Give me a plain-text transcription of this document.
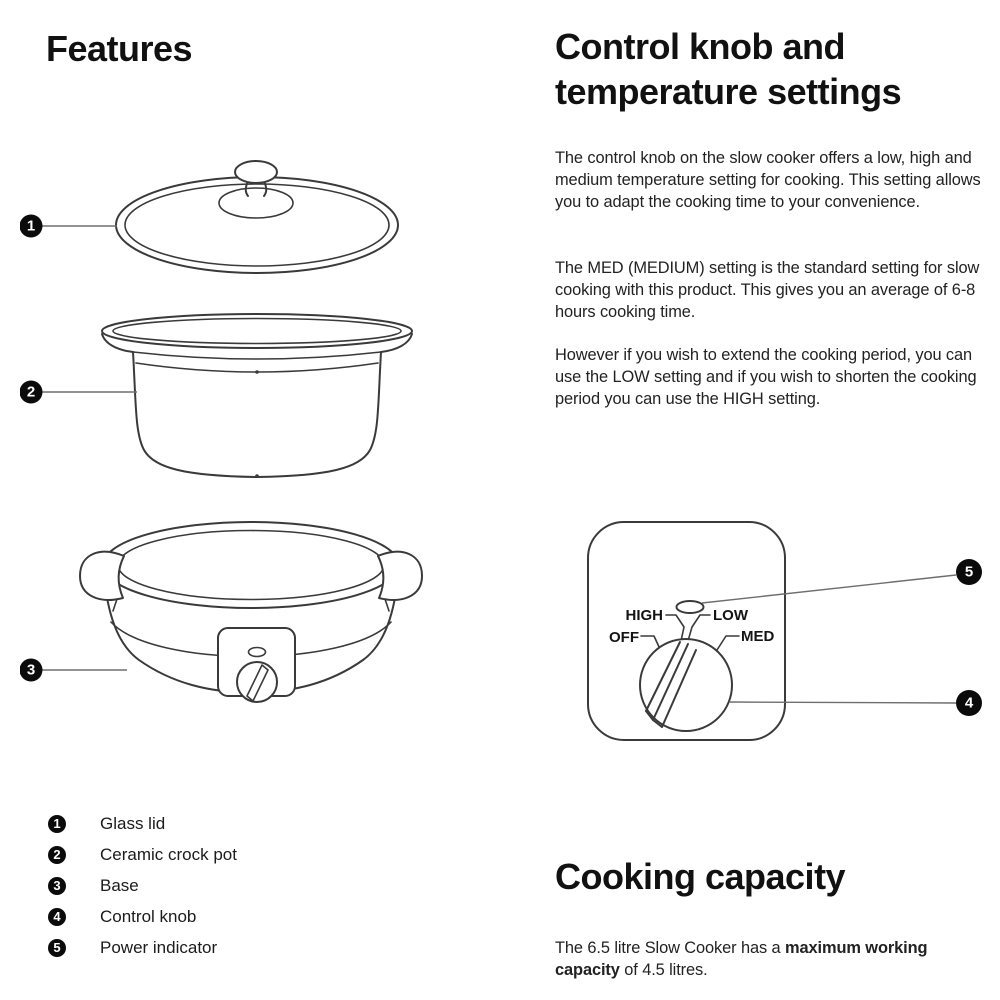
Features
1
2
3
1	Glass lid
2	Ceramic crock pot
3	Base
4	Control knob
5	Power indicator
Control knob and temperature settings

The control knob on the slow cooker offers a low, high and medium temperature setting for cooking. This setting allows you to adapt the cooking time to your convenience.

The MED (MEDIUM) setting is the standard setting for slow cooking with this product. This gives you an average of 6-8 hours cooking time.

However if you wish to extend the cooking period, you can use the LOW setting and if you wish to shorten the cooking period you can use the HIGH setting.

HIGH	LOW
OFF	MED
5
4
Cooking capacity

The 6.5 litre Slow Cooker has a maximum working capacity of 4.5 litres.
